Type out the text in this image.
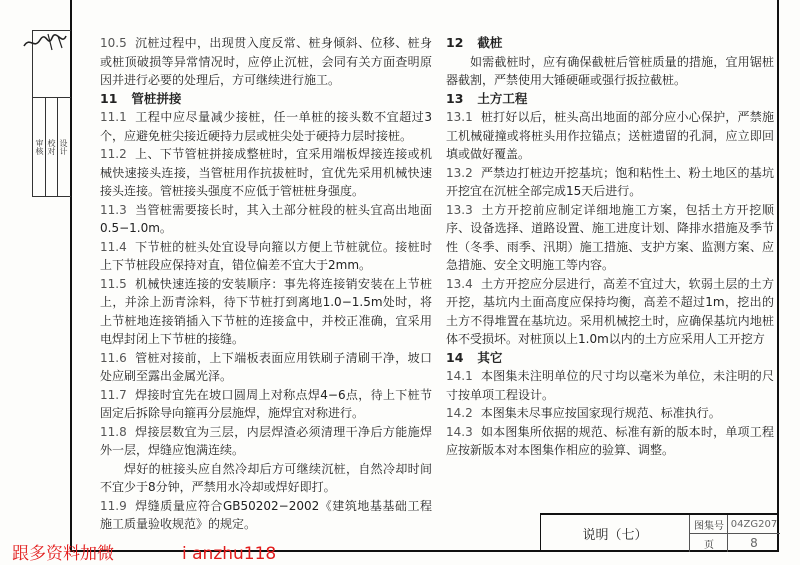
审核 校对 设计

10.5 沉桩过程中，出现贯入度反常、桩身倾斜、位移、桩身或桩顶破损等异常情况时，应停止沉桩，会同有关方面查明原因并进行必要的处理后，方可继续进行施工。

11 管桩拼接

11.1 工程中应尽量减少接桩，任一单桩的接头数不宜超过3个，应避免桩尖接近硬持力层或桩尖处于硬持力层时接桩。

11.2 上、下节管桩拼接成整桩时，宜采用端板焊接连接或机械快速接头连接，当管桩用作抗拔桩时，宜优先采用机械快速接头连接。管桩接头强度不应低于管桩桩身强度。

11.3 当管桩需要接长时，其入土部分桩段的桩头宜高出地面0.5−1.0m。

11.4 下节桩的桩头处宜设导向箍以方便上节桩就位。接桩时上下节桩段应保持对直，错位偏差不宜大于2mm。

11.5 机械快速连接的安装顺序：事先将连接销安装在上节桩上，并涂上沥青涂料，待下节桩打到离地1.0−1.5m处时，将上节桩地连接销插入下节桩的连接盒中，并校正准确，宜采用电焊封闭上下节桩的接缝。

11.6 管桩对接前，上下端板表面应用铁刷子清刷干净，坡口处应刷至露出金属光泽。

11.7 焊接时宜先在坡口圆周上对称点焊4−6点，待上下桩节固定后拆除导向箍再分层施焊，施焊宜对称进行。

11.8 焊接层数宜为三层，内层焊渣必须清理干净后方能施焊外一层，焊缝应饱满连续。

焊好的桩接头应自然冷却后方可继续沉桩，自然冷却时间不宜少于8分钟，严禁用水冷却或焊好即打。

11.9 焊缝质量应符合GB50202−2002《建筑地基基础工程施工质量验收规范》的规定。

12 截桩

如需截桩时，应有确保截桩后管桩质量的措施，宜用锯桩器截割，严禁使用大锤硬砸或强行扳拉截桩。

13 土方工程

13.1 桩打好以后，桩头高出地面的部分应小心保护，严禁施工机械碰撞或将桩头用作拉锚点；送桩遗留的孔洞，应立即回填或做好覆盖。

13.2 严禁边打桩边开挖基坑；饱和粘性土、粉土地区的基坑开挖宜在沉桩全部完成15天后进行。

13.3 土方开挖前应制定详细地施工方案，包括土方开挖顺序、设备选择、道路设置、施工进度计划、降排水措施及季节性（冬季、雨季、汛期）施工措施、支护方案、监测方案、应急措施、安全文明施工等内容。

13.4 土方开挖应分层进行，高差不宜过大，软弱土层的土方开挖，基坑内土面高度应保持均衡，高差不超过1m，挖出的土方不得堆置在基坑边。采用机械挖土时，应确保基坑内地桩体不受损坏。对桩顶以上1.0m以内的土方应采用人工开挖方

14 其它

14.1 本图集未注明单位的尺寸均以毫米为单位，未注明的尺寸按单项工程设计。

14.2 本图集未尽事应按国家现行规范、标准执行。

14.3 如本图集所依据的规范、标准有新的版本时，单项工程应按新版本对本图集作相应的验算、调整。

说明（七）
图集号 04ZG207
页	8
跟多资料加微	i anzhu118
